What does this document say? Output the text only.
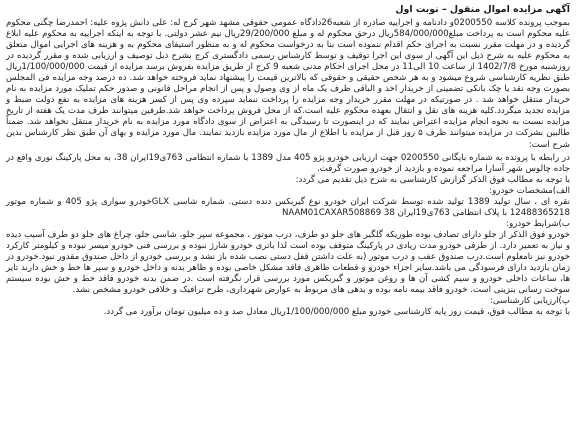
آگهی مزایده اموال منقول – نوبت اول

بموجب پرونده کلاسه 0200550و دادنامه و اجراییه صادره از شعبه26دادگاه عمومی حقوقی مشهد شهر کرج له: علی دانش پژوه علیه: احمدرضا چگنی محکوم علیه محکوم است به پرداخت مبلغ584/000/000ریال درحق محکوم له و مبلغ 29/200/000ریال نیم عشر دولتی. با توجه به اینکه اجراییه به محکوم علیه ابلاغ گردیده و در مهلت مقرر نسبت به اجرای حکم اقدام ننموده است بنا به درخواست محکوم له و به منظور استیفای محکوم به و هزینه های اجرایی اموال متعلق به محکوم علیه به شرح ذیل این آگهی از سوی این اجرا توقیف و توسط کارشناس رسمی دادگستری کرج بشرح ذیل توصیف و ارزیابی شده و مقرر گردیده در روزشنبه مورخ 1402/7/8 از ساعت 10 الی11 در محل اجرای احکام مدنی شعبه 9 کرج از طریق مزایده بفروش برسد مزایده از قیمت 1/100/000/000ریال طبق نظریه کارشناسی شروع میشود و به هر شخص حقیقی و حقوقی که بالاترین قیمت را پیشنهاد نماید فروخته خواهد شد. ده درصد وجه مزایده فی المجلس بصورت وجه نقد یا چک بانکی تضمینی از خریدار اخذ و الباقی ظرف یک ماه از وی وصول و پس از انجام مراحل قانونی و صدور حکم تملیک مورد مزایده به نام خریدار منتقل خواهد شد . در صورتیکه در مهلت مقرر خریدار وجه مزایده را پرداخت ننماید سپرده وی پس از کسر هزینه های مزایده به نفع دولت ضبط و مزایده تجدید میگردد.کلیه هزینه های نقل و انتقال بعهده محکوم علیه است.که از محل فروش پرداخت خواهد شد.طرفین میتوانند ظرف مدت یک هفته از تاریخ مزایده نسبت به نحوه انجام مزایده اعتراض نمایند که در اینصورت تا رسیدگی به اعتراض از سوی دادگاه مورد مزایده به نام خریدار منتقل نخواهد شد. ضمناً طالبین بشرکت در مزایده میتوانند ظرف ۵ روز قبل از مزایده با اطلاع از مال مورد مزایده بازدید نمایند. مال مورد مزایده و بهای آن طبق نظر کارشناس بدین شرح است:

در رابطه با پرونده به شماره بایگانی 0200550 جهت ارزیابی خودرو پژو 405 مدل 1389 با شماره انتظامی 763ی19ایران 38، به محل پارکینگ نوری واقع در جاده چالوس شهر آسارا مراجعه نموده و بازدید از خودرو صورت گرفت.

با توجه به مطالب فوق الذکر گزارش کارشناسی به شرح ذیل تقدیم می گردد:

الف)مشخصات خودرو:

نقره ای ، سال تولید 1389 تولید شده توسط شرکت ایران خودرو نوع گیربکس دنده دستی. شماره شاسی GLXخودرو سواری پژو 405 و شماره موتور 12488365218 با پلاک انتظامی 763ی19ایران 38 NAAM01CAXAR508869

ب)شرایط خودرو:

خودرو فوق الذکر از جلو دارای تصادف بوده طوریکه گلگیر های جلو دو طرف، درب موتور ، مجموعه سپر جلو، شاسی جلو، چراغ های جلو دو طرف آسیب دیده و نیاز به تعمیر دارد. از طرفی خودرو مدت زیادی در پارکینگ متوقف بوده است لذا باتری خودرو شارژ نبوده و بررسی فنی خودرو میسر نبوده و کیلومتر کارکرد خودرو نیز نامعلوم است.درب صندوق عقب و درب موتور (به علت داشتن قفل دستی نصب شده باز نشد و بررسی خودرو از داخل صندوق مقدور نبود.خودرو در زمان بازدید دارای فرسودگی می باشد.سایر اجزاء خودرو و قطعات ظاهری فاقد مشکل خاصی بوده و ظاهر بدنه و داخل خودرو و سپر ها خط و خش دارند تایر ها، ساعات داخلی خودرو و سیم کشی آن ها و روغن موتور و گیربکس مورد بررسی قرار نگرفته است .در ضمن بدنه خودرو فاقد خط و خش بوده سیستم سوخت رسانی بنزینی است. خودرو فاقد بیمه نامه بوده و بدهی های مربوط به عوارض شهرداری، طرح ترافیک و خلافی خودرو مشخص نشد.

پ)ارزیابی کارشناسی:

با توجه به مطالب فوق، قیمت روز پایه کارشناسی خودرو مبلغ 1/100/000/000ریال معادل صد و ده میلیون تومان برآورد می گردد.
